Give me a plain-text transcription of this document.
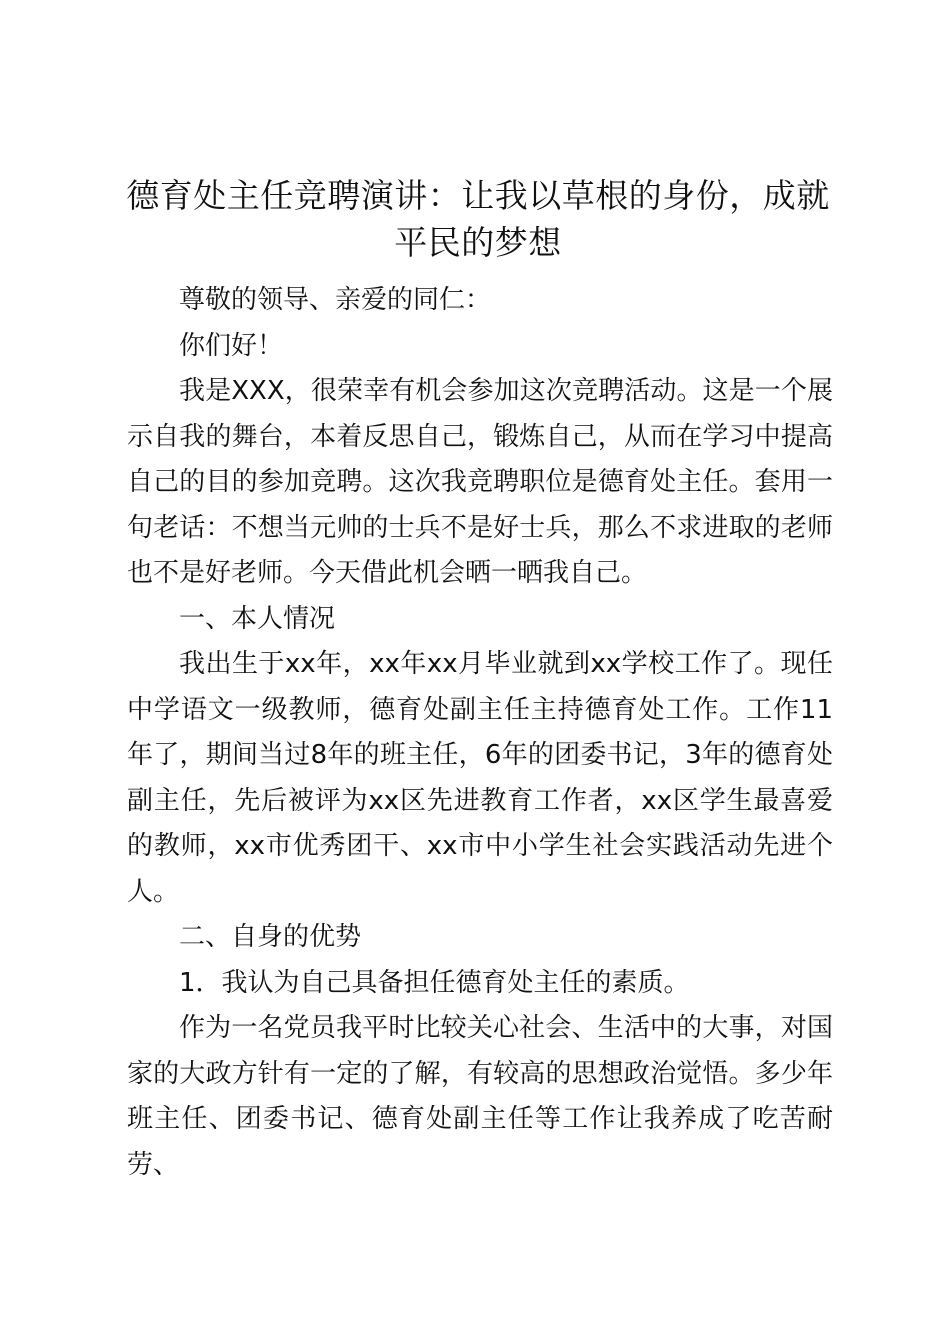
德育处主任竞聘演讲：让我以草根的身份，成就平民的梦想

尊敬的领导、亲爱的同仁：

你们好！

我是XXX，很荣幸有机会参加这次竞聘活动。这是一个展示自我的舞台，本着反思自己，锻炼自己，从而在学习中提高自己的目的参加竞聘。这次我竞聘职位是德育处主任。套用一句老话：不想当元帅的士兵不是好士兵，那么不求进取的老师也不是好老师。今天借此机会晒一晒我自己。

一、本人情况

我出生于xx年，xx年xx月毕业就到xx学校工作了。现任中学语文一级教师，德育处副主任主持德育处工作。工作11年了，期间当过8年的班主任，6年的团委书记，3年的德育处副主任，先后被评为xx区先进教育工作者，xx区学生最喜爱的教师，xx市优秀团干、xx市中小学生社会实践活动先进个人。

二、自身的优势

1．我认为自己具备担任德育处主任的素质。

作为一名党员我平时比较关心社会、生活中的大事，对国家的大政方针有一定的了解，有较高的思想政治觉悟。多少年班主任、团委书记、德育处副主任等工作让我养成了吃苦耐劳、
